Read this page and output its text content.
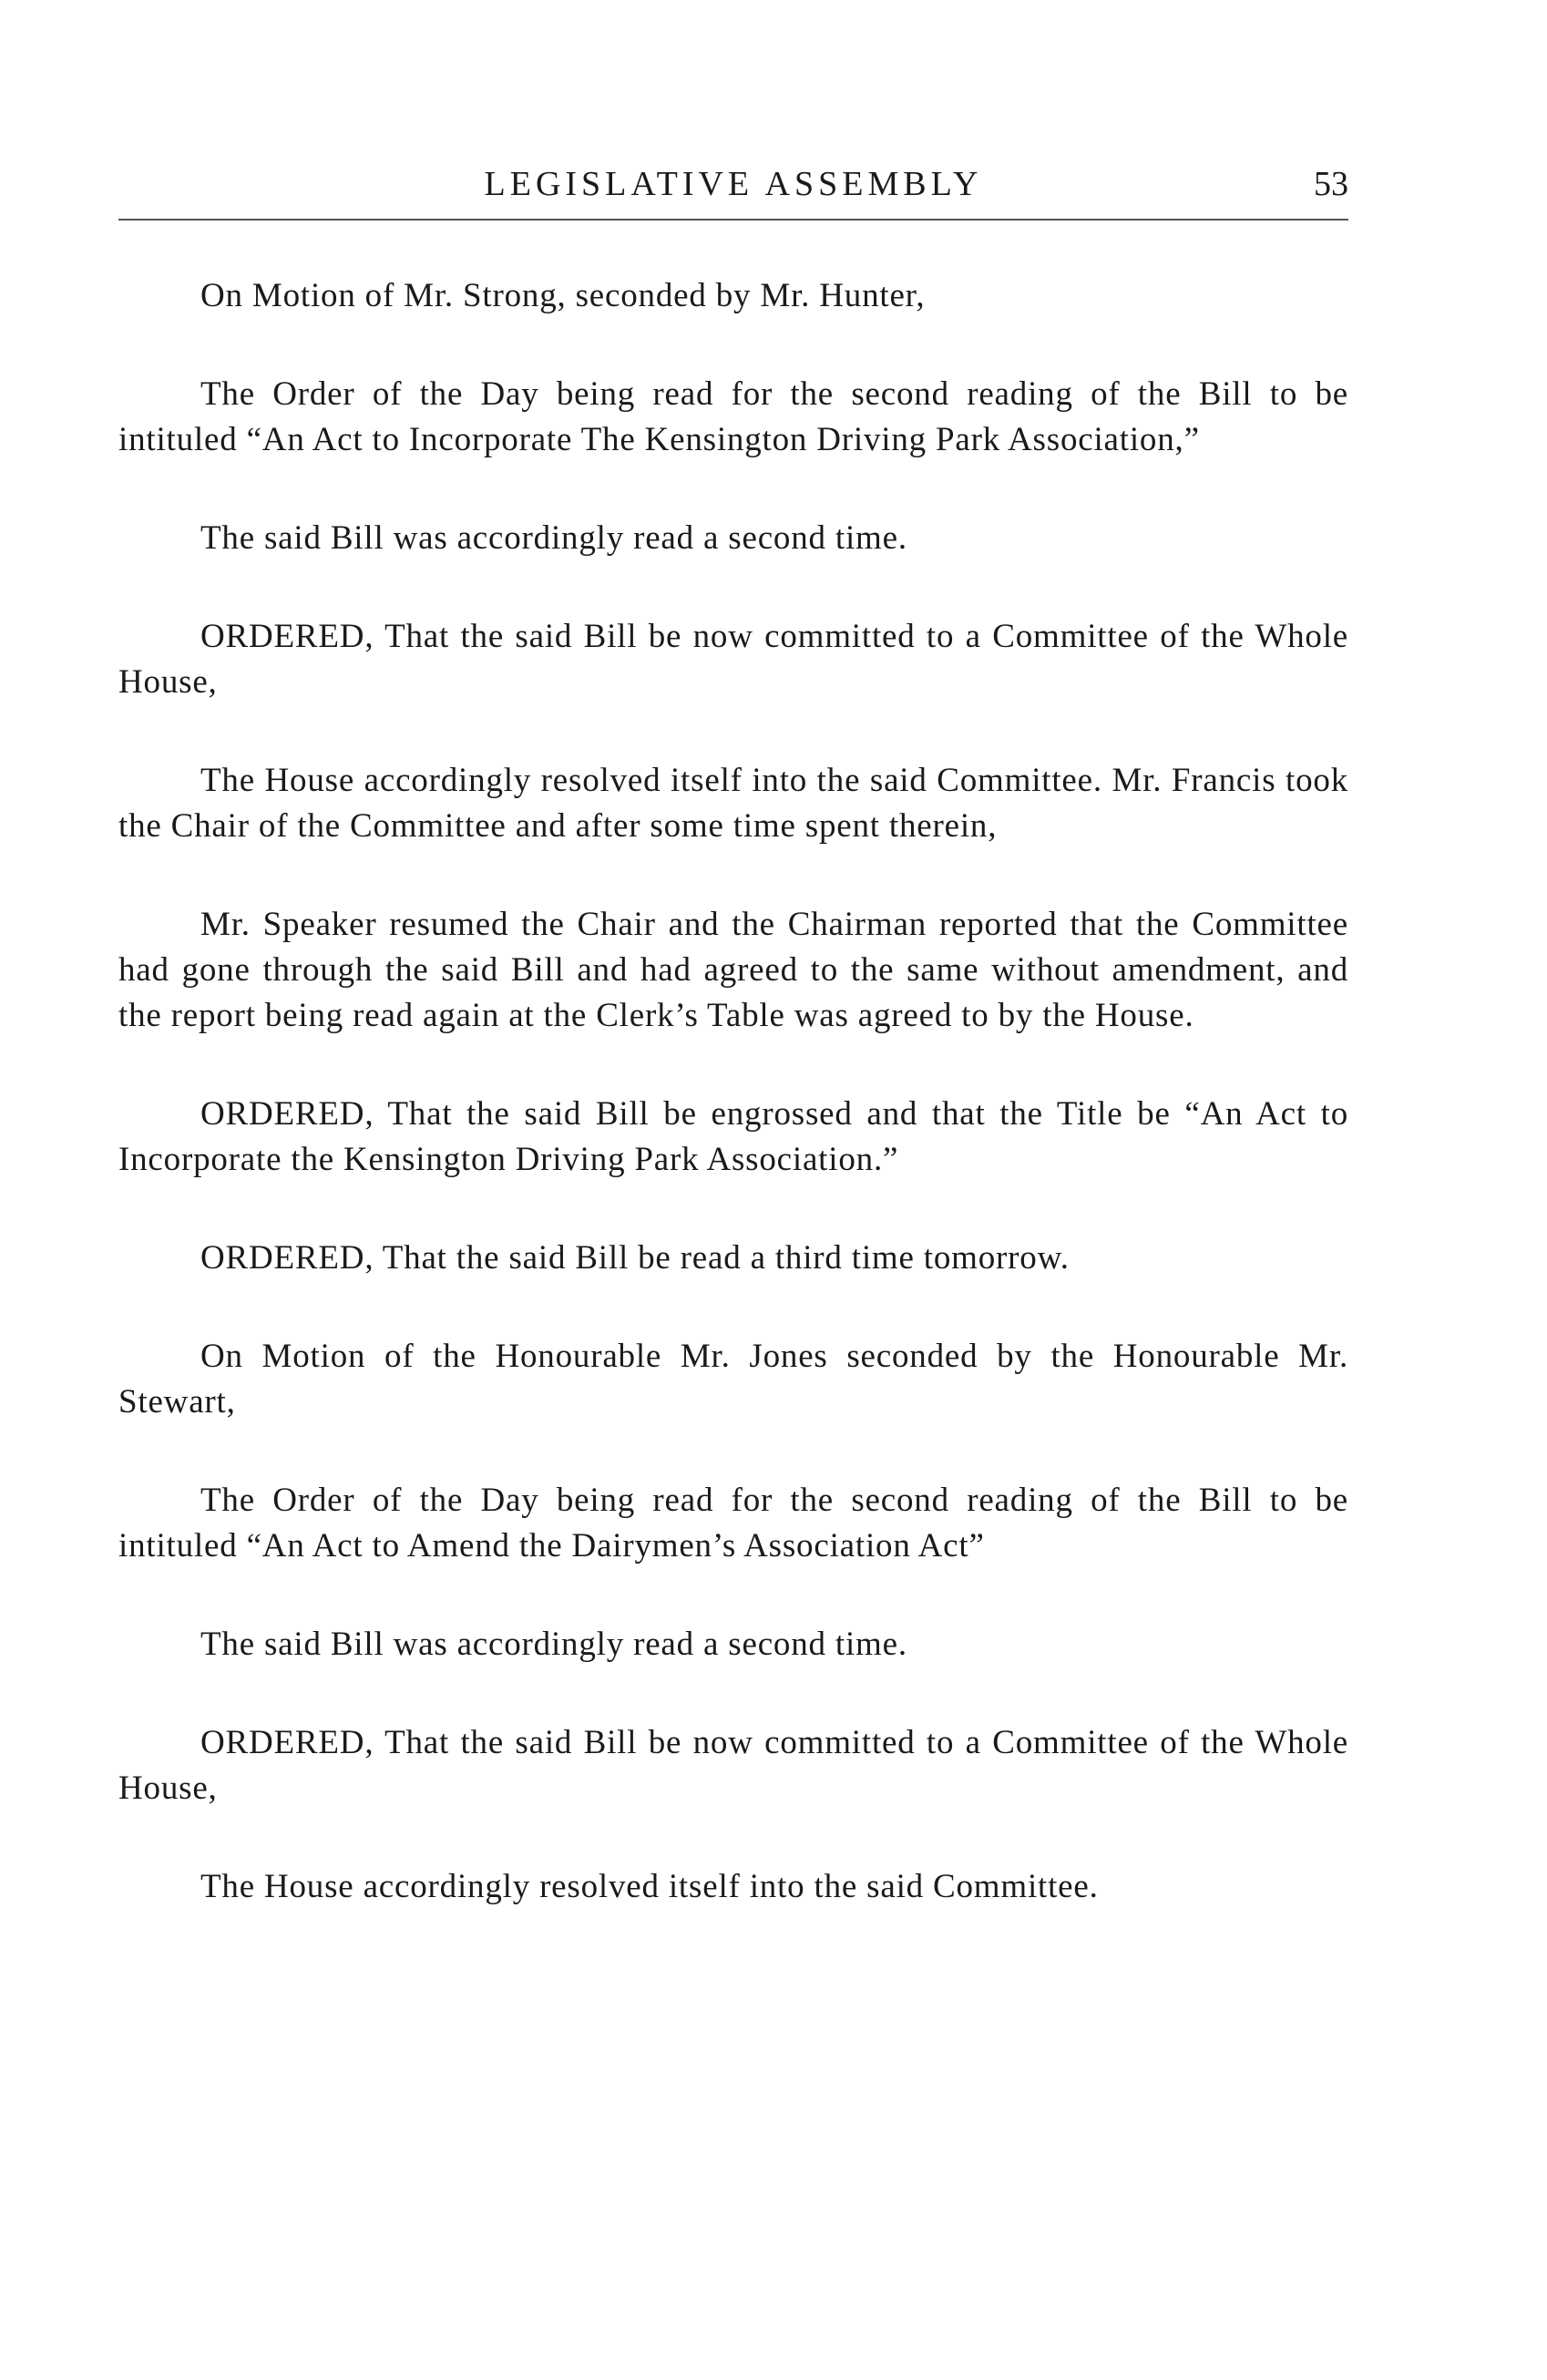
LEGISLATIVE ASSEMBLY	53

On Motion of Mr. Strong, seconded by Mr. Hunter,

The Order of the Day being read for the second reading of the Bill to be intituled “An Act to Incorporate The Kensington Driving Park Association,”

The said Bill was accordingly read a second time.

ORDERED, That the said Bill be now committed to a Committee of the Whole House,

The House accordingly resolved itself into the said Committee. Mr. Francis took the Chair of the Committee and after some time spent therein,

Mr. Speaker resumed the Chair and the Chairman reported that the Committee had gone through the said Bill and had agreed to the same without amendment, and the report being read again at the Clerk’s Table was agreed to by the House.

ORDERED, That the said Bill be engrossed and that the Title be “An Act to Incorporate the Kensington Driving Park Association.”

ORDERED, That the said Bill be read a third time tomorrow.

On Motion of the Honourable Mr. Jones seconded by the Honourable Mr. Stewart,

The Order of the Day being read for the second reading of the Bill to be intituled “An Act to Amend the Dairymen’s Association Act”

The said Bill was accordingly read a second time.

ORDERED, That the said Bill be now committed to a Committee of the Whole House,

The House accordingly resolved itself into the said Committee.
